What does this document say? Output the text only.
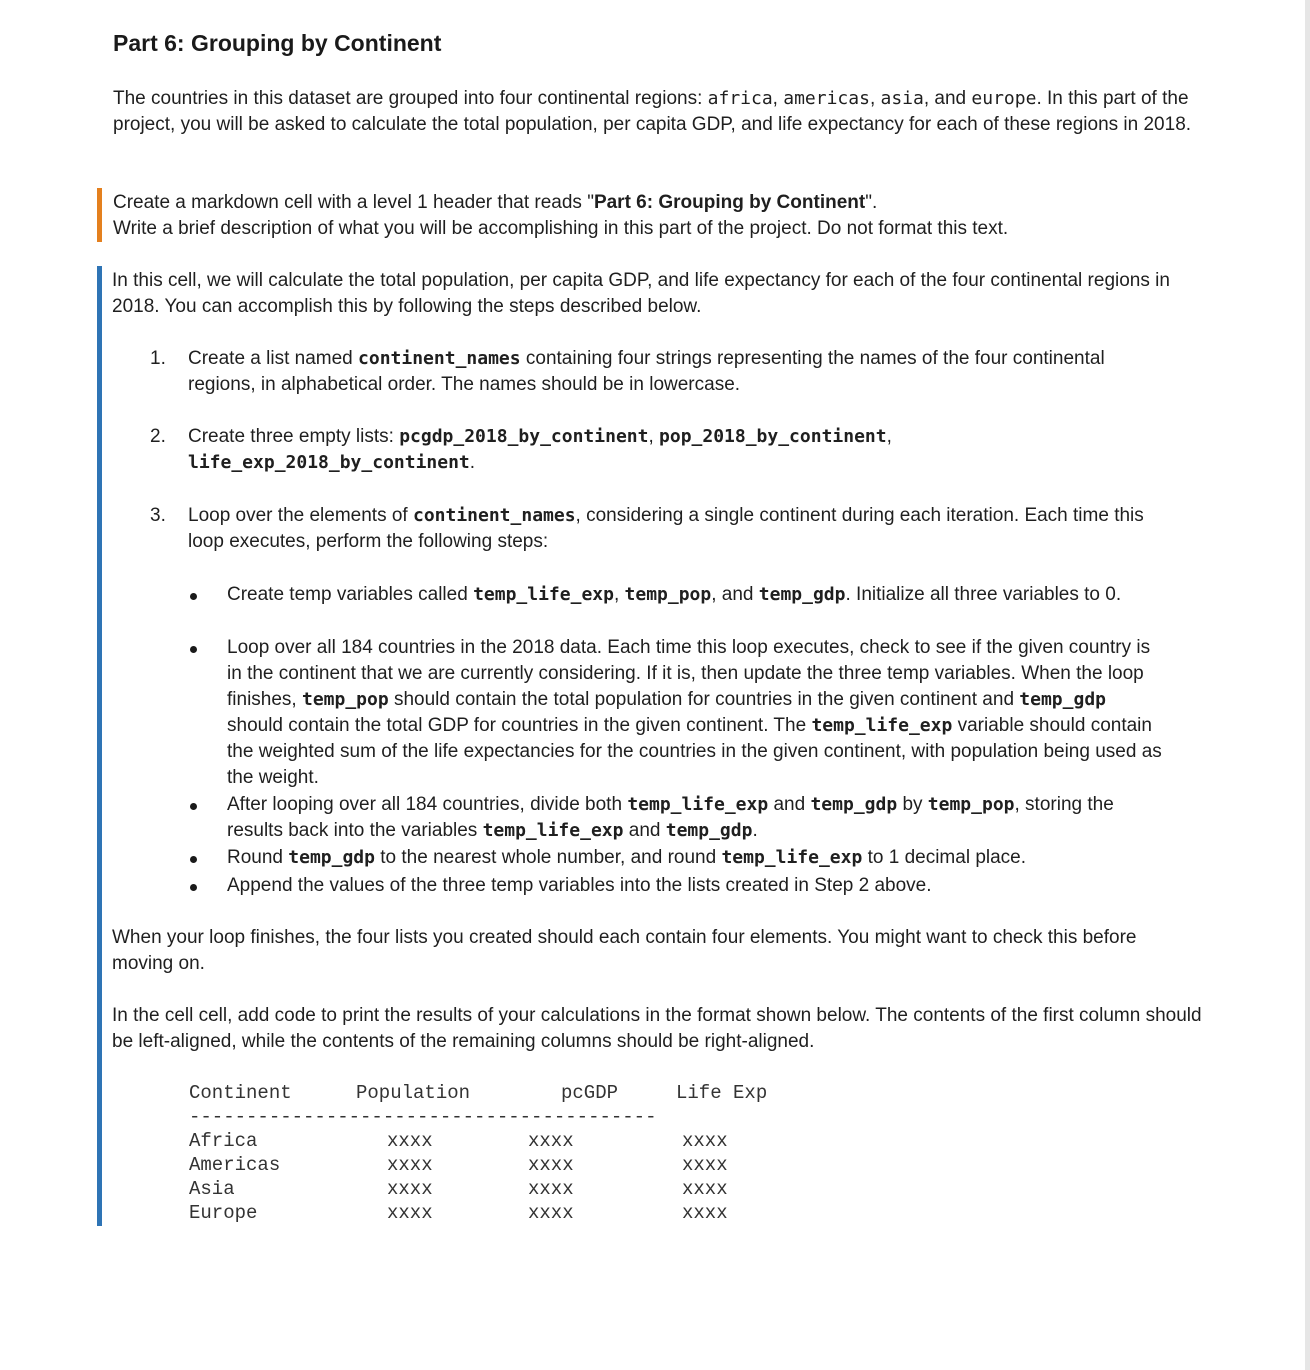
Part 6: Grouping by Continent

The countries in this dataset are grouped into four continental regions: africa, americas, asia, and europe. In this part of the project, you will be asked to calculate the total population, per capita GDP, and life expectancy for each of these regions in 2018.

Create a markdown cell with a level 1 header that reads "Part 6: Grouping by Continent".

Write a brief description of what you will be accomplishing in this part of the project. Do not format this text.

In this cell, we will calculate the total population, per capita GDP, and life expectancy for each of the four continental regions in 2018. You can accomplish this by following the steps described below.

1. Create a list named continent_names containing four strings representing the names of the four continental regions, in alphabetical order. The names should be in lowercase.
2. Create three empty lists: pcgdp_2018_by_continent, pop_2018_by_continent, life_exp_2018_by_continent.
3. Loop over the elements of continent_names, considering a single continent during each iteration. Each time this loop executes, perform the following steps:
Create temp variables called temp_life_exp, temp_pop, and temp_gdp. Initialize all three variables to 0.
Loop over all 184 countries in the 2018 data. Each time this loop executes, check to see if the given country is in the continent that we are currently considering. If it is, then update the three temp variables. When the loop finishes, temp_pop should contain the total population for countries in the given continent and temp_gdp should contain the total GDP for countries in the given continent. The temp_life_exp variable should contain the weighted sum of the life expectancies for the countries in the given continent, with population being used as the weight.
After looping over all 184 countries, divide both temp_life_exp and temp_gdp by temp_pop, storing the results back into the variables temp_life_exp and temp_gdp.
Round temp_gdp to the nearest whole number, and round temp_life_exp to 1 decimal place.
Append the values of the three temp variables into the lists created in Step 2 above.

When your loop finishes, the four lists you created should each contain four elements. You might want to check this before moving on.

In the cell cell, add code to print the results of your calculations in the format shown below. The contents of the first column should be left-aligned, while the contents of the remaining columns should be right-aligned.

Continent	Population	pcGDP	Life Exp
-----------------------------------------
Africa	xxxx	xxxx	xxxx
Americas	xxxx	xxxx	xxxx
Asia	xxxx	xxxx	xxxx
Europe	xxxx	xxxx	xxxx
